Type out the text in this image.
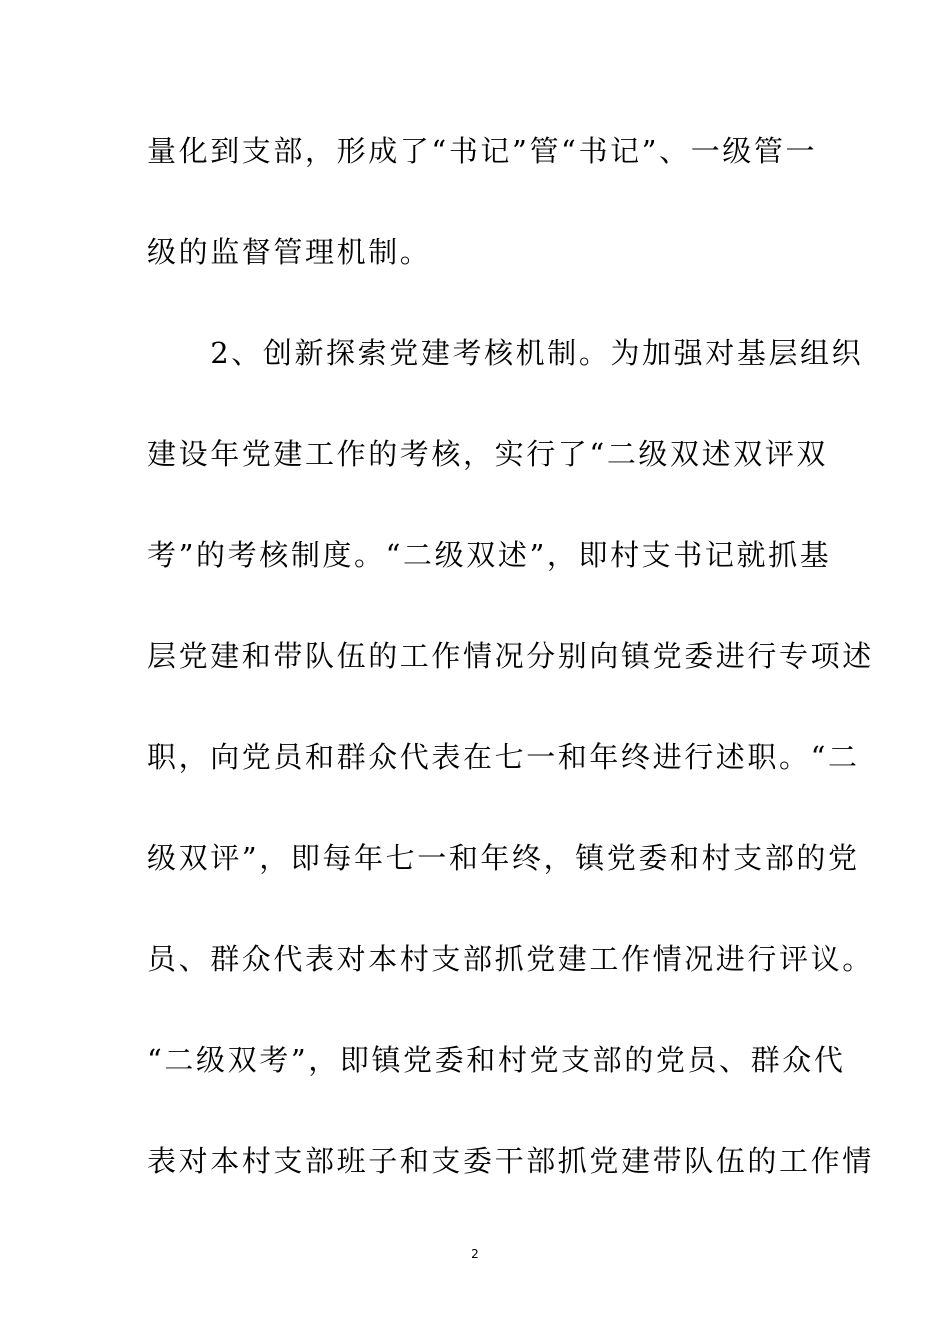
量化到支部，形成了“书记”管“书记”、一级管一
级的监督管理机制。
　　2、创新探索党建考核机制。为加强对基层组织
建设年党建工作的考核，实行了“二级双述双评双
考”的考核制度。“二级双述”，即村支书记就抓基
层党建和带队伍的工作情况分别向镇党委进行专项述
职，向党员和群众代表在七一和年终进行述职。“二
级双评”，即每年七一和年终，镇党委和村支部的党
员、群众代表对本村支部抓党建工作情况进行评议。
“二级双考”，即镇党委和村党支部的党员、群众代
表对本村支部班子和支委干部抓党建带队伍的工作情
2
